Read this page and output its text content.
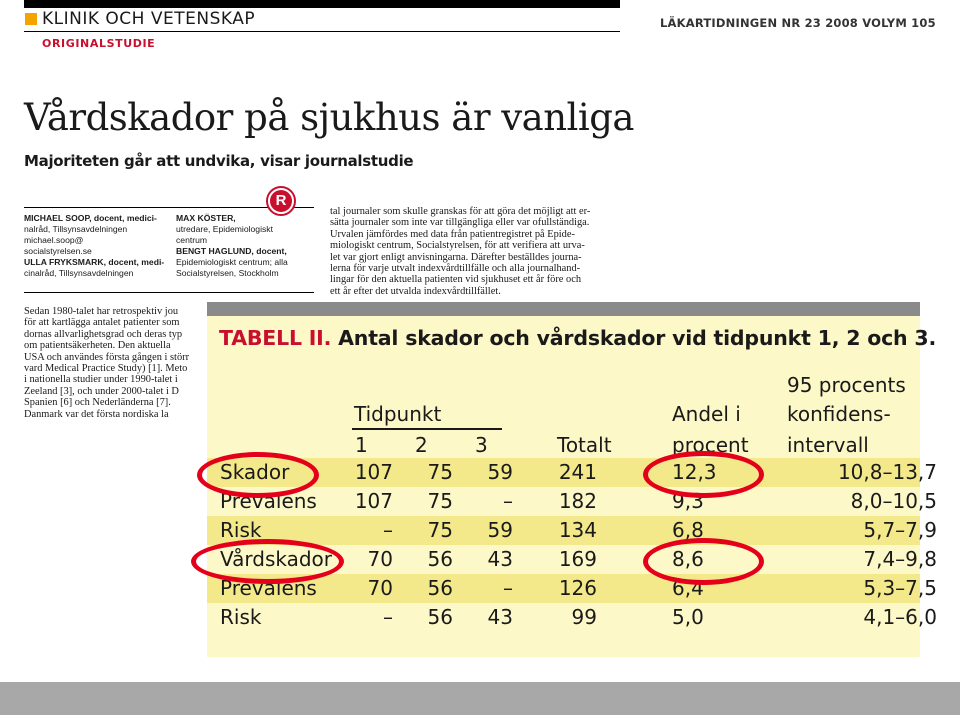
KLINIK OCH VETENSKAP
ORIGINALSTUDIE
LÄKARTIDNINGEN NR 23 2008 VOLYM 105
Vårdskador på sjukhus är vanliga
Majoriteten går att undvika, visar journalstudie
MICHAEL SOOP, docent, medici-
nalråd, Tillsynsavdelningen
michael.soop@
socialstyrelsen.se
ULLA FRYKSMARK, docent, medi-
cinalråd, Tillsynsavdelningen
MAX KÖSTER,
utredare, Epidemiologiskt
centrum
BENGT HAGLUND, docent,
Epidemiologiskt centrum; alla
Socialstyrelsen, Stockholm
R
tal journaler som skulle granskas för att göra det möjligt att er-
sätta journaler som inte var tillgängliga eller var ofullständiga.
Urvalen jämfördes med data från patientregistret på Epide-
miologiskt centrum, Socialstyrelsen, för att verifiera att urva-
let var gjort enligt anvisningarna. Därefter beställdes journa-
lerna för varje utvalt indexvårdtillfälle och alla journalhand-
lingar för den aktuella patienten vid sjukhuset ett år före och
ett år efter det utvalda indexvårdtillfället.
Sedan 1980-talet har retrospektiv jou
för att kartlägga antalet patienter som
dornas allvarlighetsgrad och deras typ
om patientsäkerheten. Den aktuella
USA och användes första gången i störr
vard Medical Practice Study) [1]. Meto
i nationella studier under 1990-talet i
Zeeland [3], och under 2000-talet i D
Spanien [6] och Nederländerna [7].
Danmark var det första nordiska la
TABELL II. Antal skador och vårdskador vid tidpunkt 1, 2 och 3.
95 procents
Tidpunkt	Andel i konfidens-
1 2 3	Totalt	procent intervall
Skador	107	75	59	241	12,3	10,8–13,7
Prevalens 107	75	–	182	9,3	8,0–10,5
Risk	–	75	59	134	6,8	5,7–7,9
Vårdskador	70	56	43	169	8,6	7,4–9,8
Prevalens	70	56	–	126	6,4	5,3–7,5
Risk	–	56	43	99	5,0	4,1–6,0
